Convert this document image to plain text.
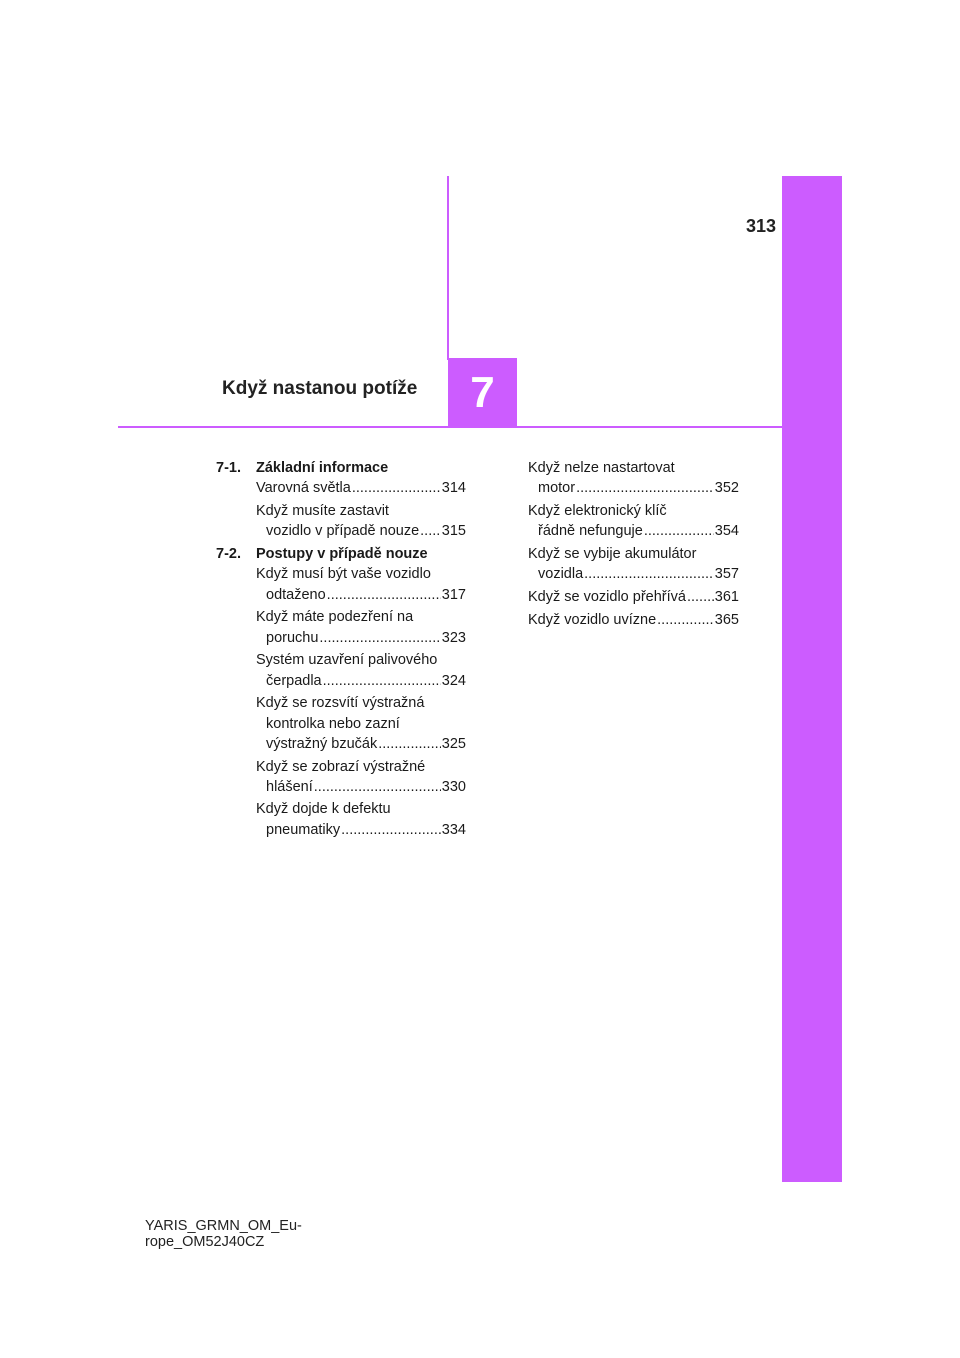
313
7
Když nastanou potíže
7-1.	Základní informace
Varovná světla .....	314
Když musíte zastavit
vozidlo v případě nouze ..... 315
7-2.	Postupy v případě nouze
Když musí být vaše vozidlo
odtaženo .....	317
Když máte podezření na
poruchu .....	323
Systém uzavření palivového
čerpadla .....	324
Když se rozsvítí výstražná
kontrolka nebo zazní
výstražný bzučák .....	325
Když se zobrazí výstražné
hlášení .....	330
Když dojde k defektu
pneumatiky .....	334
Když nelze nastartovat
motor .....	352
Když elektronický klíč
řádně nefunguje .....	354
Když se vybije akumulátor
vozidla .....	357
Když se vozidlo přehřívá ..... 361
Když vozidlo uvízne .....	365
YARIS_GRMN_OM_Eu-
rope_OM52J40CZ
